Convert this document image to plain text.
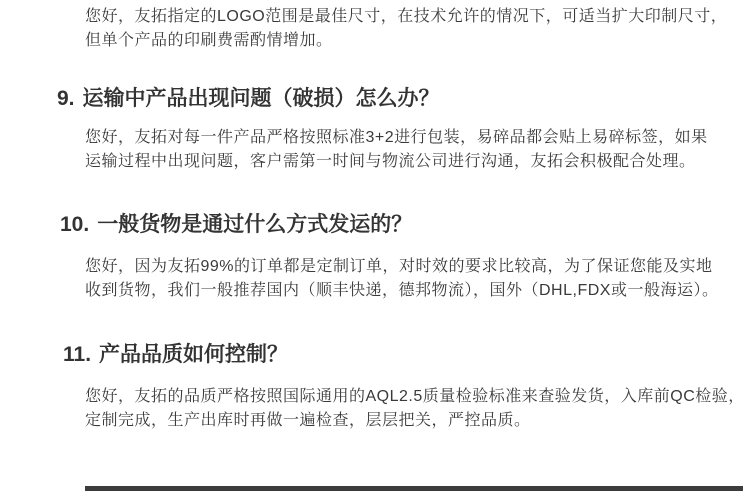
您好，友拓指定的LOGO范围是最佳尺寸，在技术允许的情况下，可适当扩大印制尺寸，
但单个产品的印刷费需酌情增加。
9. 运输中产品出现问题（破损）怎么办？
您好，友拓对每一件产品严格按照标准3+2进行包装，易碎品都会贴上易碎标签，如果
运输过程中出现问题，客户需第一时间与物流公司进行沟通，友拓会积极配合处理。
10. 一般货物是通过什么方式发运的？
您好，因为友拓99%的订单都是定制订单，对时效的要求比较高，为了保证您能及实地
收到货物，我们一般推荐国内（顺丰快递，德邦物流），国外（DHL,FDX或一般海运）。
11. 产品品质如何控制？
您好，友拓的品质严格按照国际通用的AQL2.5质量检验标准来查验发货，入库前QC检验，
定制完成，生产出库时再做一遍检查，层层把关，严控品质。
